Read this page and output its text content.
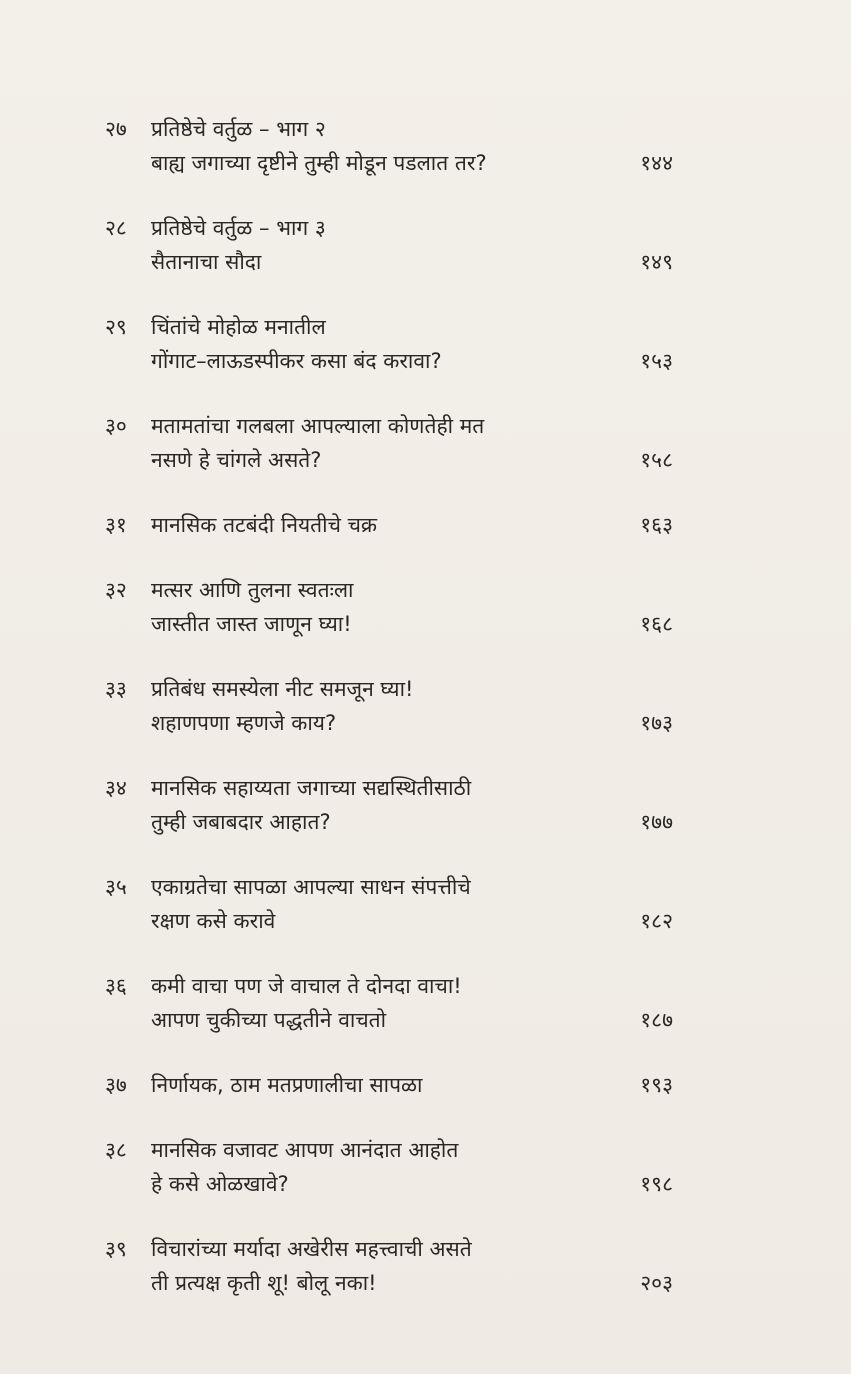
२७	प्रतिष्ठेचे वर्तुळ – भाग २
बाह्य जगाच्या दृष्टीने तुम्ही मोडून पडलात तर?	१४४
२८	प्रतिष्ठेचे वर्तुळ – भाग ३
सैतानाचा सौदा	१४९
२९	चिंतांचे मोहोळ मनातील
गोंगाट–लाऊडस्पीकर कसा बंद करावा?	१५३
३०	मतामतांचा गलबला आपल्याला कोणतेही मत
नसणे हे चांगले असते?	१५८
३१	मानसिक तटबंदी नियतीचे चक्र	१६३
३२	मत्सर आणि तुलना स्वतःला
जास्तीत जास्त जाणून घ्या!	१६८
३३	प्रतिबंध समस्येला नीट समजून घ्या!
शहाणपणा म्हणजे काय?	१७३
३४	मानसिक सहाय्यता जगाच्या सद्यस्थितीसाठी
तुम्ही जबाबदार आहात?	१७७
३५	एकाग्रतेचा सापळा आपल्या साधन संपत्तीचे
रक्षण कसे करावे	१८२
३६	कमी वाचा पण जे वाचाल ते दोनदा वाचा!
आपण चुकीच्या पद्धतीने वाचतो	१८७
३७	निर्णायक, ठाम मतप्रणालीचा सापळा	१९३
३८	मानसिक वजावट आपण आनंदात आहोत
हे कसे ओळखावे?	१९८
३९	विचारांच्या मर्यादा अखेरीस महत्त्वाची असते
ती प्रत्यक्ष कृती शू! बोलू नका!	२०३
